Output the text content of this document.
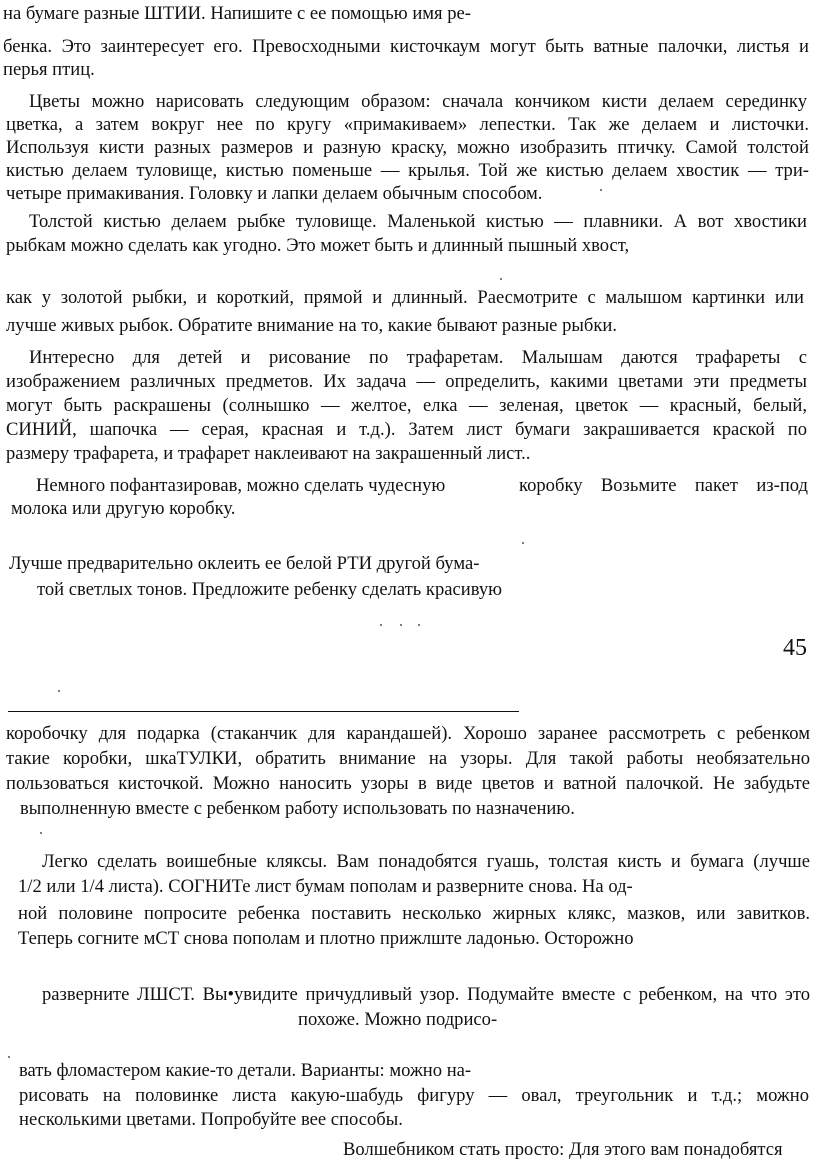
на бумаге разные ШТИИ. Напишите с ее помощью имя ре-
бенка. Это заинтересует его. Превосходными кисточкаум могут быть ватные палочки, листья и
перья птиц.
Цветы можно нарисовать следующим образом: сначала кончиком кисти делаем серединку
цветка, а затем вокруг нее по кругу «примакиваем» лепестки. Так же делаем и листочки.
Используя кисти разных размеров и разную краску, можно изобразить птичку. Самой толстой
кистью делаем туловище, кистью поменьше — крылья. Той же кистью делаем хвостик — три-
четыре примакивания. Головку и лапки делаем обычным способом.
Толстой кистью делаем рыбке туловище. Маленькой кистью — плавники. А вот хвостики
рыбкам можно сделать как угодно. Это может быть и длинный пышный хвост,
как у золотой рыбки, и короткий, прямой и длинный. Раесмотрите с малышом картинки или
лучше живых рыбок. Обратите внимание на то, какие бывают разные рыбки.
Интересно для детей и рисование по трафаретам. Малышам даются трафареты с
изображением различных предметов. Их задача — определить, какими цветами эти предметы
могут быть раскрашены (солнышко — желтое, елка — зеленая, цветок — красный, белый,
СИНИЙ, шапочка — серая, красная и т.д.). Затем лист бумаги закрашивается краской по
размеру трафарета, и трафарет наклеивают на закрашенный лист..
Немного пофантазировав, можно сделать чудесную	коробку Возьмите пакет из-под
молока или другую коробку.
Лучше предварительно оклеить ее белой РТИ другой бума-
той светлых тонов. Предложите ребенку сделать красивую
45
коробочку для подарка (стаканчик для карандашей). Хорошо заранее рассмотреть с ребенком
такие коробки, шкаТУЛКИ, обратить внимание на узоры. Для такой работы необязательно
пользоваться кисточкой. Можно наносить узоры в виде цветов и ватной палочкой. Не забудьте
выполненную вместе с ребенком работу использовать по назначению.
Легко сделать воишебные кляксы. Вам понадобятся гуашь, толстая кисть и бумага (лучше
1/2 или 1/4 листа). СОГНИТе лист бумам пополам и разверните снова. На од-
ной половине попросите ребенка поставить несколько жирных клякс, мазков, или завитков.
Теперь согните мСТ снова пополам и плотно прижлште ладонью. Осторожно
разверните ЛШСТ. Вы•увидите причудливый узор. Подумайте вместе с ребенком, на что это
похоже. Можно подрисо-
вать фломастером какие-то детали. Варианты: можно на-
рисовать на половинке листа какую-шабудь фигуру — овал, треугольник и т.д.; можно
несколькими цветами. Попробуйте вее способы.
Волшебником стать просто: Для этого вам понадобятся
